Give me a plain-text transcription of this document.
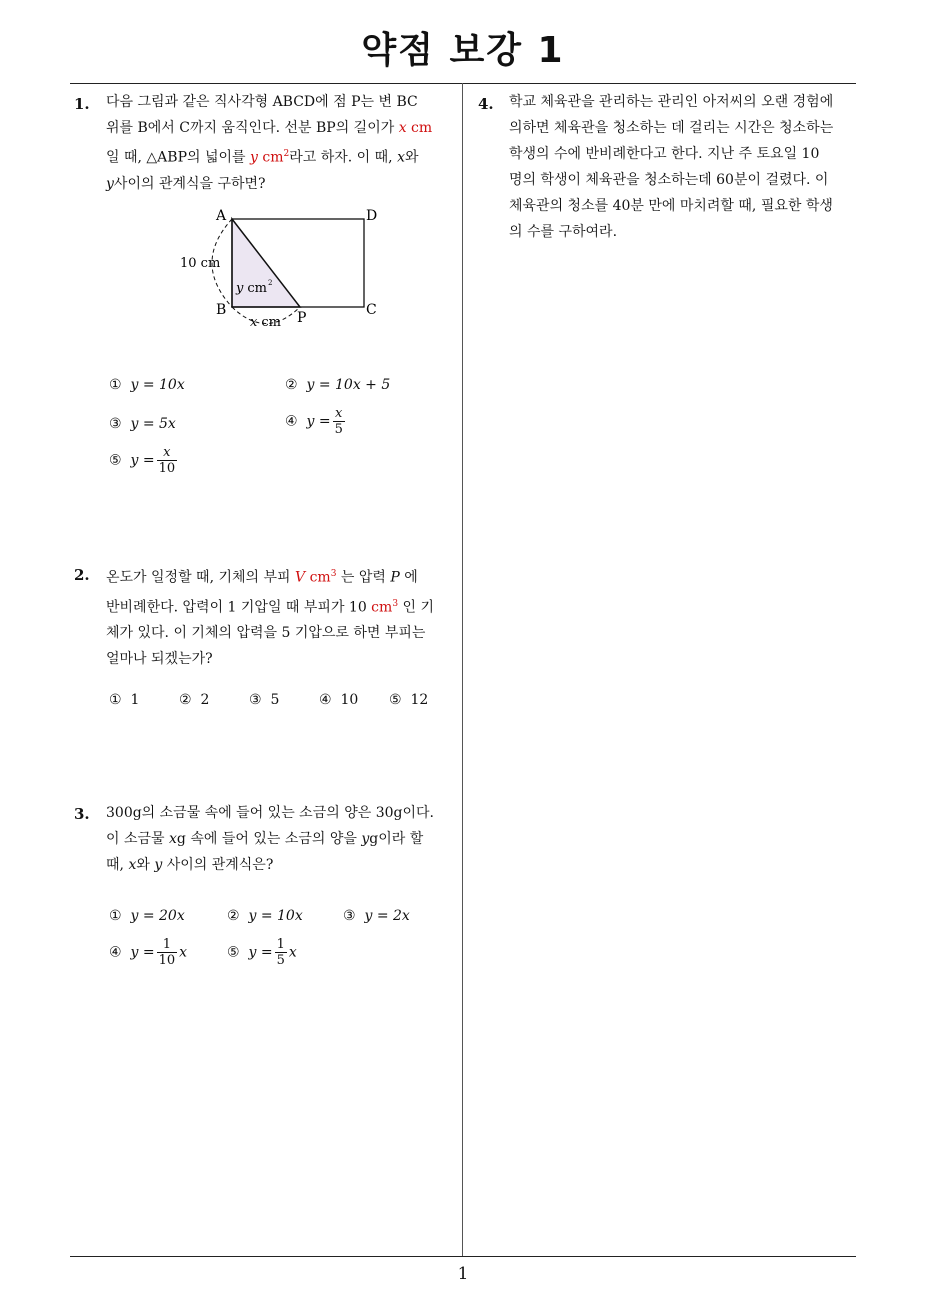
약점 보강 1
1. 다음 그림과 같은 직사각형 ABCD에 점 P는 변 BC
위를 B에서 C까지 움직인다. 선분 BP의 길이가 x cm
일 때, △ABP의 넓이를 y $cm^2$라고 하자. 이 때, x와
y사이의 관계식을 구하면?
A	D
B	C
P
10 cm
y $cm^2$
x cm
① y = 10x	② y = 10x + 5
③ y = 5x	④ $y = \frac{x}{5}$
⑤ $y = \frac{x}{10}$
2. 온도가 일정할 때, 기체의 부피 V $cm^3$ 는 압력 P 에
반비례한다. 압력이 1 기압일 때 부피가 10 $cm^3$ 인 기
체가 있다. 이 기체의 압력을 5 기압으로 하면 부피는
얼마나 되겠는가?
① 1	② 2	③ 5	④ 10 ⑤ 12
3. 300g의 소금물 속에 들어 있는 소금의 양은 30g이다.
이 소금물 xg 속에 들어 있는 소금의 양을 yg이라 할
때, x와 y 사이의 관계식은?
① y = 20x	② y = 10x	③ y = 2x
④ $y = \frac{1}{10}$ x	⑤ $y = \frac{1}{5}$ x
4. 학교 체육관을 관리하는 관리인 아저씨의 오랜 경험에
의하면 체육관을 청소하는 데 걸리는 시간은 청소하는
학생의 수에 반비례한다고 한다. 지난 주 토요일 10
명의 학생이 체육관을 청소하는데 60분이 걸렸다. 이
체육관의 청소를 40분 만에 마치려할 때, 필요한 학생
의 수를 구하여라.
1
